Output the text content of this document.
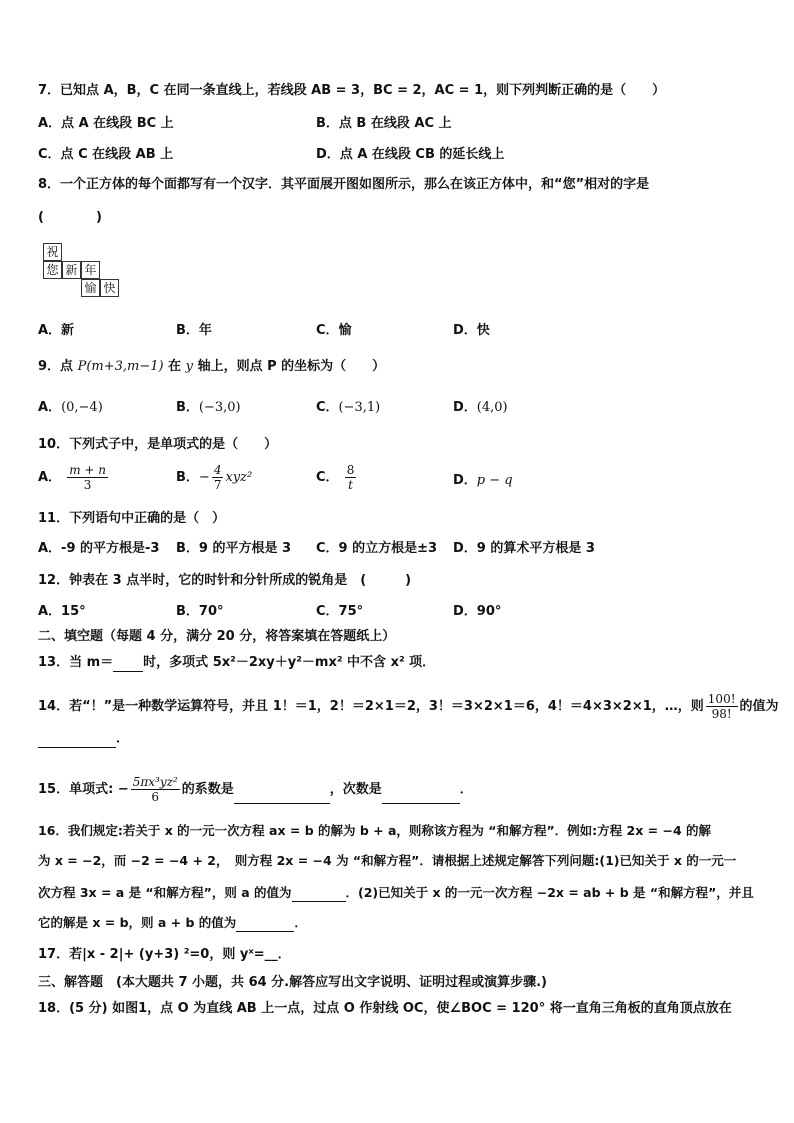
7．已知点 A，B，C 在同一条直线上，若线段 AB = 3，BC = 2，AC = 1，则下列判断正确的是（　　）
A．点 A 在线段 BC 上	B．点 B 在线段 AC 上
C．点 C 在线段 AB 上	D．点 A 在线段 CB 的延长线上
8．一个正方体的每个面都写有一个汉字．其平面展开图如图所示，那么在该正方体中，和“您”相对的字是
(　　　　)
祝
您 新 年
愉 快
A．新	B．年	C．愉	D．快
9．点 P(m+3,m−1) 在 y 轴上，则点 P 的坐标为（　　）
A．(0,−4)	B．(−3,0)	C．(−3,1)	D．(4,0)
10．下列式子中，是单项式的是（　　）
A． $\frac{m + n}{3}$	B．− $\frac{4}{7} xyz^2$	C． $\frac{8}{t}$	D．p − q
11．下列语句中正确的是（　）
A．-9 的平方根是-3 B．9 的平方根是 3 C．9 的立方根是±3 D．9 的算术平方根是 3
12．钟表在 3 点半时，它的时针和分针所成的锐角是　(　　　)
A．15°	B．70°	C．75°	D．90°
二、填空题（每题 4 分，满分 20 分，将答案填在答题纸上）
13．当 m＝ 时，多项式 5x²－2xy＋y²－mx² 中不含 x² 项．
14．若“！”是一种数学运算符号，并且 1！＝1，2！＝2×1＝2，3！＝3×2×1＝6，4！＝4×3×2×1，…，则 $\frac{100!}{98!}$ 的值为
．
15．单项式: − $\frac{\text{5πx³yz²}}{6}$ 的系数是	，次数是	．
16．我们规定:若关于 x 的一元一次方程 ax = b 的解为 b + a，则称该方程为 “和解方程”．例如:方程 2x = −4 的解
为 x = −2，而 −2 = −4 + 2，　则方程 2x = −4 为 “和解方程”．请根据上述规定解答下列问题:(1)已知关于 x 的一元一
次方程 3x = a 是 “和解方程”，则 a 的值为	．(2)已知关于 x 的一元一次方程 −2x = ab + b 是 “和解方程”，并且
它的解是 x = b，则 a + b 的值为	．
17．若|x - 2|+ (y+3) ²=0，则 yˣ=__．
三、解答题　(本大题共 7 小题，共 64 分.解答应写出文字说明、证明过程或演算步骤.)
18．(5 分) 如图1，点 O 为直线 AB 上一点，过点 O 作射线 OC，使∠BOC = 120° 将一直角三角板的直角顶点放在
